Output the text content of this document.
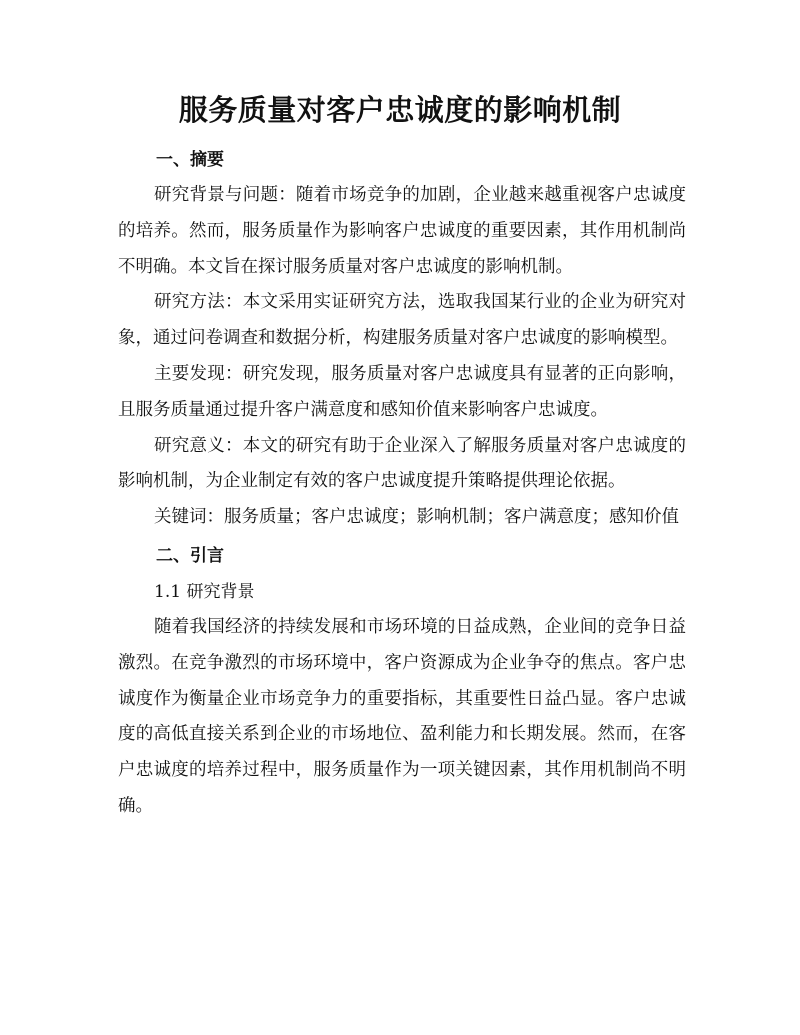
服务质量对客户忠诚度的影响机制

一、摘要

研究背景与问题：随着市场竞争的加剧，企业越来越重视客户忠诚度的培养。然而，服务质量作为影响客户忠诚度的重要因素，其作用机制尚不明确。本文旨在探讨服务质量对客户忠诚度的影响机制。

研究方法：本文采用实证研究方法，选取我国某行业的企业为研究对象，通过问卷调查和数据分析，构建服务质量对客户忠诚度的影响模型。

主要发现：研究发现，服务质量对客户忠诚度具有显著的正向影响，且服务质量通过提升客户满意度和感知价值来影响客户忠诚度。

研究意义：本文的研究有助于企业深入了解服务质量对客户忠诚度的影响机制，为企业制定有效的客户忠诚度提升策略提供理论依据。

关键词：服务质量；客户忠诚度；影响机制；客户满意度；感知价值

二、引言

1.1 研究背景

随着我国经济的持续发展和市场环境的日益成熟，企业间的竞争日益激烈。在竞争激烈的市场环境中，客户资源成为企业争夺的焦点。客户忠诚度作为衡量企业市场竞争力的重要指标，其重要性日益凸显。客户忠诚度的高低直接关系到企业的市场地位、盈利能力和长期发展。然而，在客户忠诚度的培养过程中，服务质量作为一项关键因素，其作用机制尚不明确。
